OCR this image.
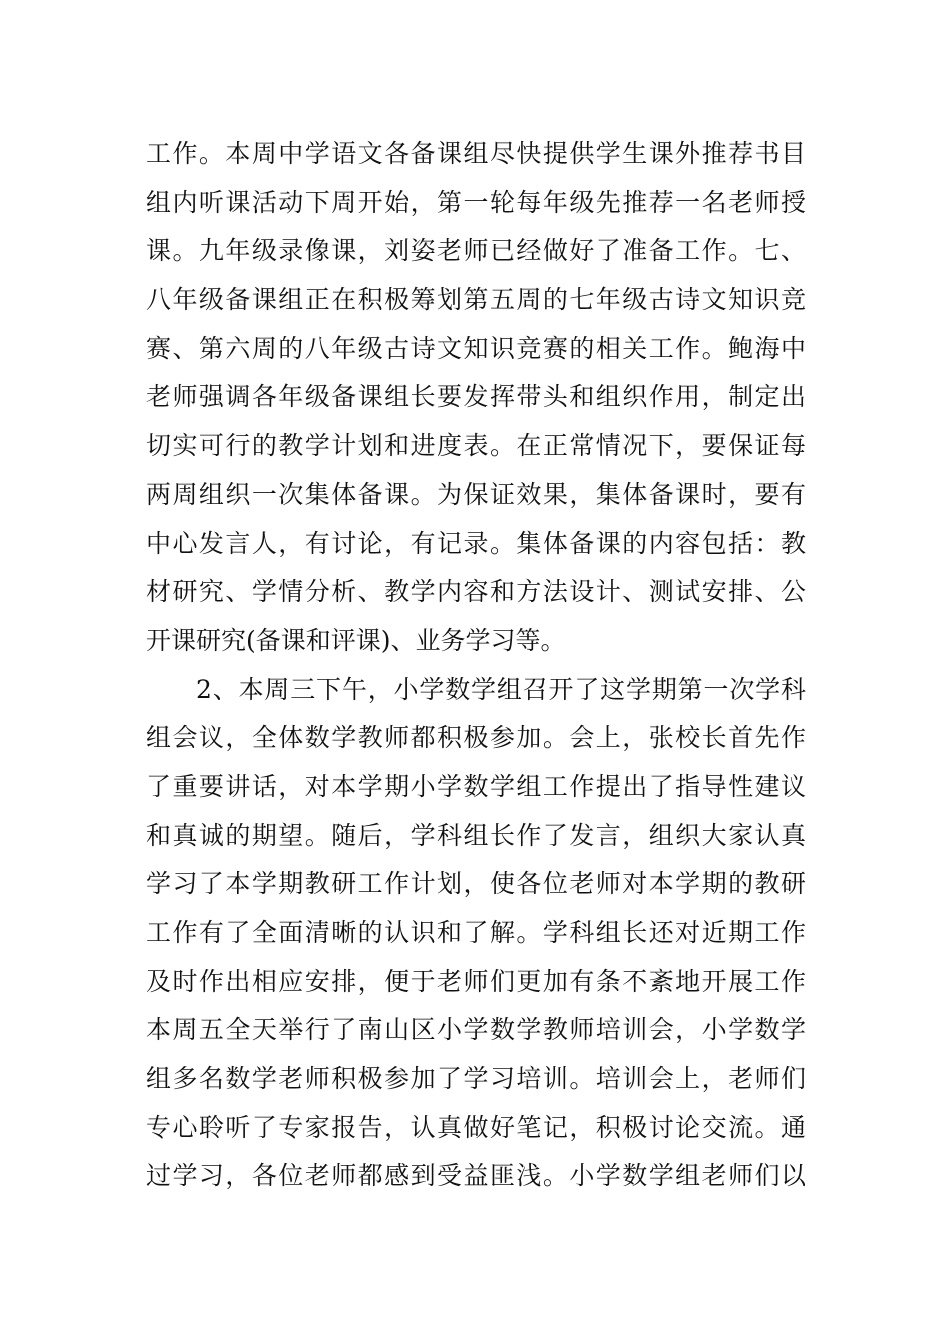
工作。本周中学语文各备课组尽快提供学生课外推荐书目
组内听课活动下周开始，第一轮每年级先推荐一名老师授
课。九年级录像课，刘姿老师已经做好了准备工作。七、
八年级备课组正在积极筹划第五周的七年级古诗文知识竞
赛、第六周的八年级古诗文知识竞赛的相关工作。鲍海中
老师强调各年级备课组长要发挥带头和组织作用，制定出
切实可行的教学计划和进度表。在正常情况下，要保证每
两周组织一次集体备课。为保证效果，集体备课时，要有
中心发言人，有讨论，有记录。集体备课的内容包括：教
材研究、学情分析、教学内容和方法设计、测试安排、公
开课研究(备课和评课)、业务学习等。
2、本周三下午，小学数学组召开了这学期第一次学科
组会议，全体数学教师都积极参加。会上，张校长首先作
了重要讲话，对本学期小学数学组工作提出了指导性建议
和真诚的期望。随后，学科组长作了发言，组织大家认真
学习了本学期教研工作计划，使各位老师对本学期的教研
工作有了全面清晰的认识和了解。学科组长还对近期工作
及时作出相应安排，便于老师们更加有条不紊地开展工作
本周五全天举行了南山区小学数学教师培训会，小学数学
组多名数学老师积极参加了学习培训。培训会上，老师们
专心聆听了专家报告，认真做好笔记，积极讨论交流。通
过学习，各位老师都感到受益匪浅。小学数学组老师们以
